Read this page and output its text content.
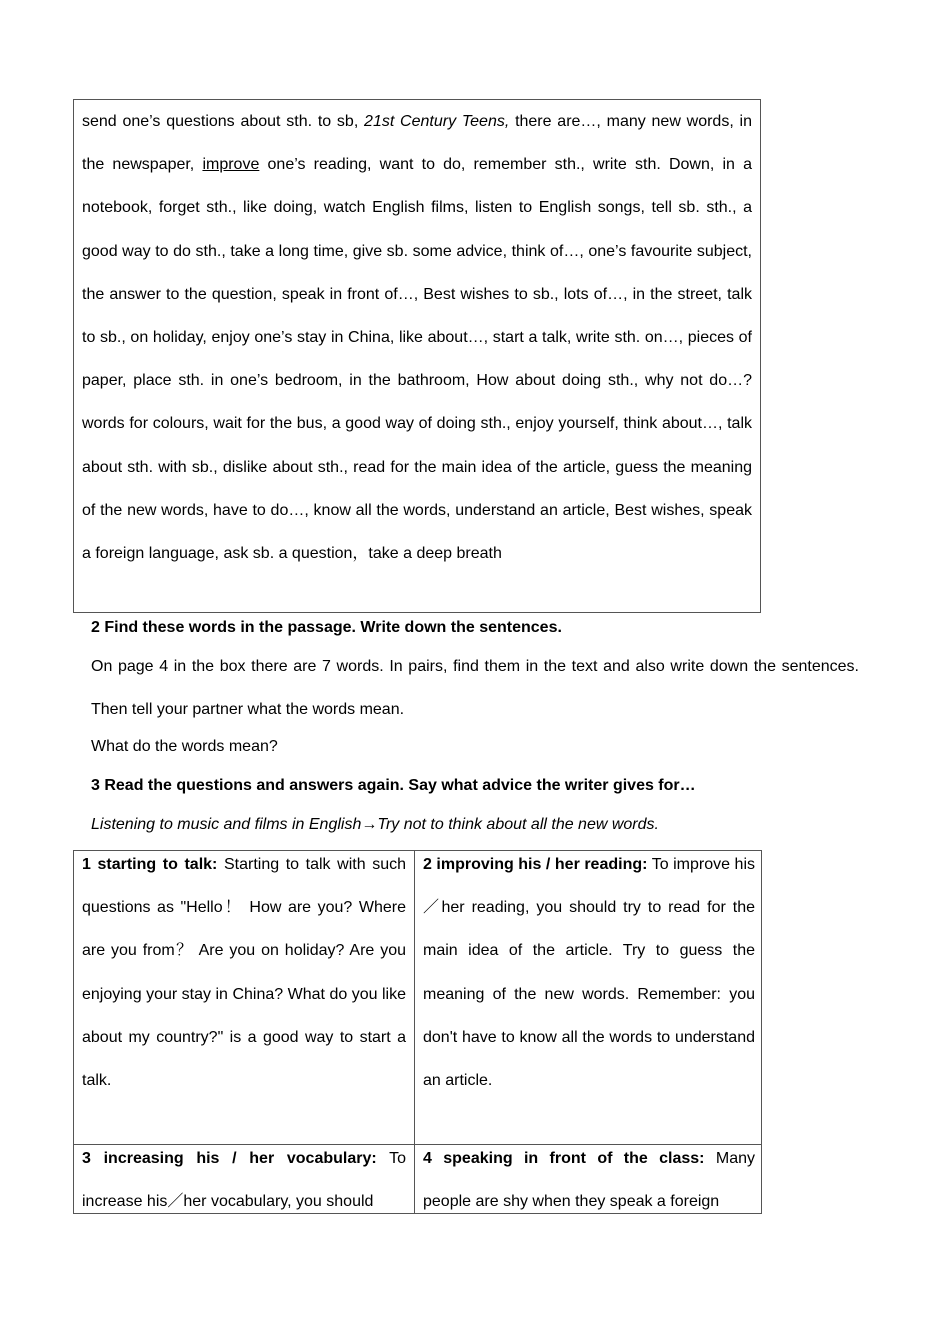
send one’s questions about sth. to sb, 21st Century Teens, there are…, many new words, in the newspaper, improve one’s reading, want to do, remember sth., write sth. Down, in a notebook, forget sth., like doing, watch English films, listen to English songs, tell sb. sth., a good way to do sth., take a long time, give sb. some advice, think of…, one’s favourite subject, the answer to the question, speak in front of…, Best wishes to sb., lots of…, in the street, talk to sb., on holiday, enjoy one’s stay in China, like about…, start a talk, write sth. on…, pieces of paper, place sth. in one’s bedroom, in the bathroom, How about doing sth., why not do…? words for colours, wait for the bus, a good way of doing sth., enjoy yourself, think about…, talk about sth. with sb., dislike about sth., read for the main idea of the article, guess the meaning of the new words, have to do…, know all the words, understand an article, Best wishes, speak a foreign language, ask sb. a question，take a deep breath

2 Find these words in the passage. Write down the sentences.

On page 4 in the box there are 7 words. In pairs, find them in the text and also write down the sentences. Then tell your partner what the words mean.

What do the words mean?

3 Read the questions and answers again. Say what advice the writer gives for…

Listening to music and films in English→Try not to think about all the new words.

1 starting to talk: Starting to talk with such questions as "Hello！ How are you? Where are you from？ Are you on holiday? Are you enjoying your stay in China? What do you like about my country?" is a good way to start a talk.
2 improving his / her reading: To improve his／her reading, you should try to read for the main idea of the article. Try to guess the meaning of the new words. Remember: you don't have to know all the words to understand an article.
3 increasing his / her vocabulary: To increase his／her vocabulary, you should
4 speaking in front of the class: Many people are shy when they speak a foreign
